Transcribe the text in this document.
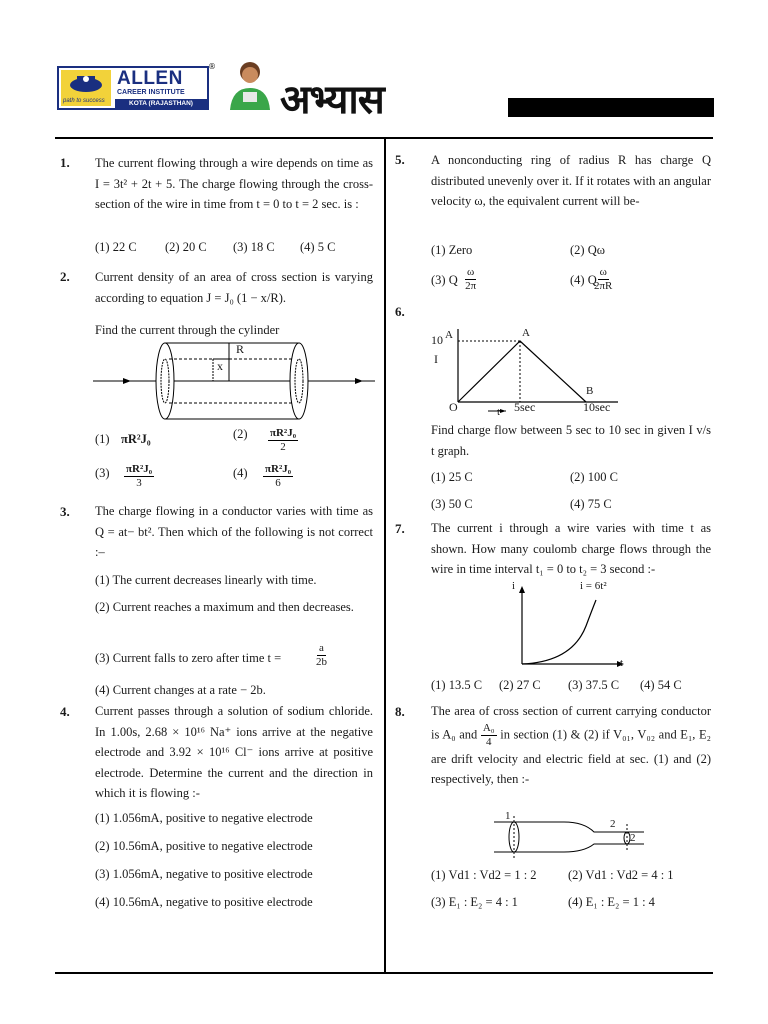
ALLEN
CAREER INSTITUTE
path to success	KOTA (RAJASTHAN)
®
अभ्यास
1. The current flowing through a wire depends on time as I = 3t² + 2t + 5. The charge flowing through the cross-section of the wire in time from t = 0 to t = 2 sec. is :
(1) 22 C (2) 20 C (3) 18 C (4) 5 C
2. Current density of an area of cross section is varying according to equation J = J₀ (1 − x/R).
Find the current through the cylinder
R
x
(1) πR²J₀	$(2) \frac{\text{πR²J₀}}{2}$
$(3) \frac{\text{πR²J₀}}{3}$	$(4) \frac{\text{πR²J₀}}{6}$
3. The charge flowing in a conductor varies with time as Q = at− bt². Then which of the following is not correct :–
(1) The current decreases linearly with time.
(2) Current reaches a maximum and then decreases.
(3) Current falls to zero after time t =	$\frac{a}{2b}$
(4) Current changes at a rate − 2b.
4. Current passes through a solution of sodium chloride. In 1.00s, 2.68 × 10¹⁶ Na⁺ ions arrive at the negative electrode and 3.92 × 10¹⁶ Cl⁻ ions arrive at positive electrode. Determine the current and the direction in which it is flowing :-
(1) 1.056mA, positive to negative electrode
(2) 10.56mA, positive to negative electrode
(3) 1.056mA, negative to positive electrode
(4) 10.56mA, negative to positive electrode
5. A nonconducting ring of radius R has charge Q distributed unevenly over it. If it rotates with an angular velocity ω, the equivalent current will be-
(1) Zero	(2) Qω
(3) Q $\frac{\omega}{2\pi}$	(4) Q
$\frac{\omega}{2\pi R}$
6.
10 A
I
A
O	t 5sec	10sec
B
Find charge flow between 5 sec to 10 sec in given I v/s t graph.
(1) 25 C	(2) 100 C
(3) 50 C	(4) 75 C
7. The current i through a wire varies with time t as shown. How many coulomb charge flows through the wire in time interval t₁ = 0 to t₂ = 3 second :-
i	i = 6t²
t
(1) 13.5 C (2) 27 C (3) 37.5 C (4) 54 C
8. The area of cross section of current carrying conductor is A₀ and $\frac{\text{A₀}}{4}$ in section (1) & (2) if V₀₁, V₀₂ and E₁, E₂ are drift velocity and electric field at sec. (1) and (2) respectively, then :-
1
2
2
(1) Vd1 : Vd2 = 1 : 2	(2) Vd1 : Vd2 = 4 : 1
(3) E₁ : E₂ = 4 : 1	(4) E₁ : E₂ = 1 : 4
